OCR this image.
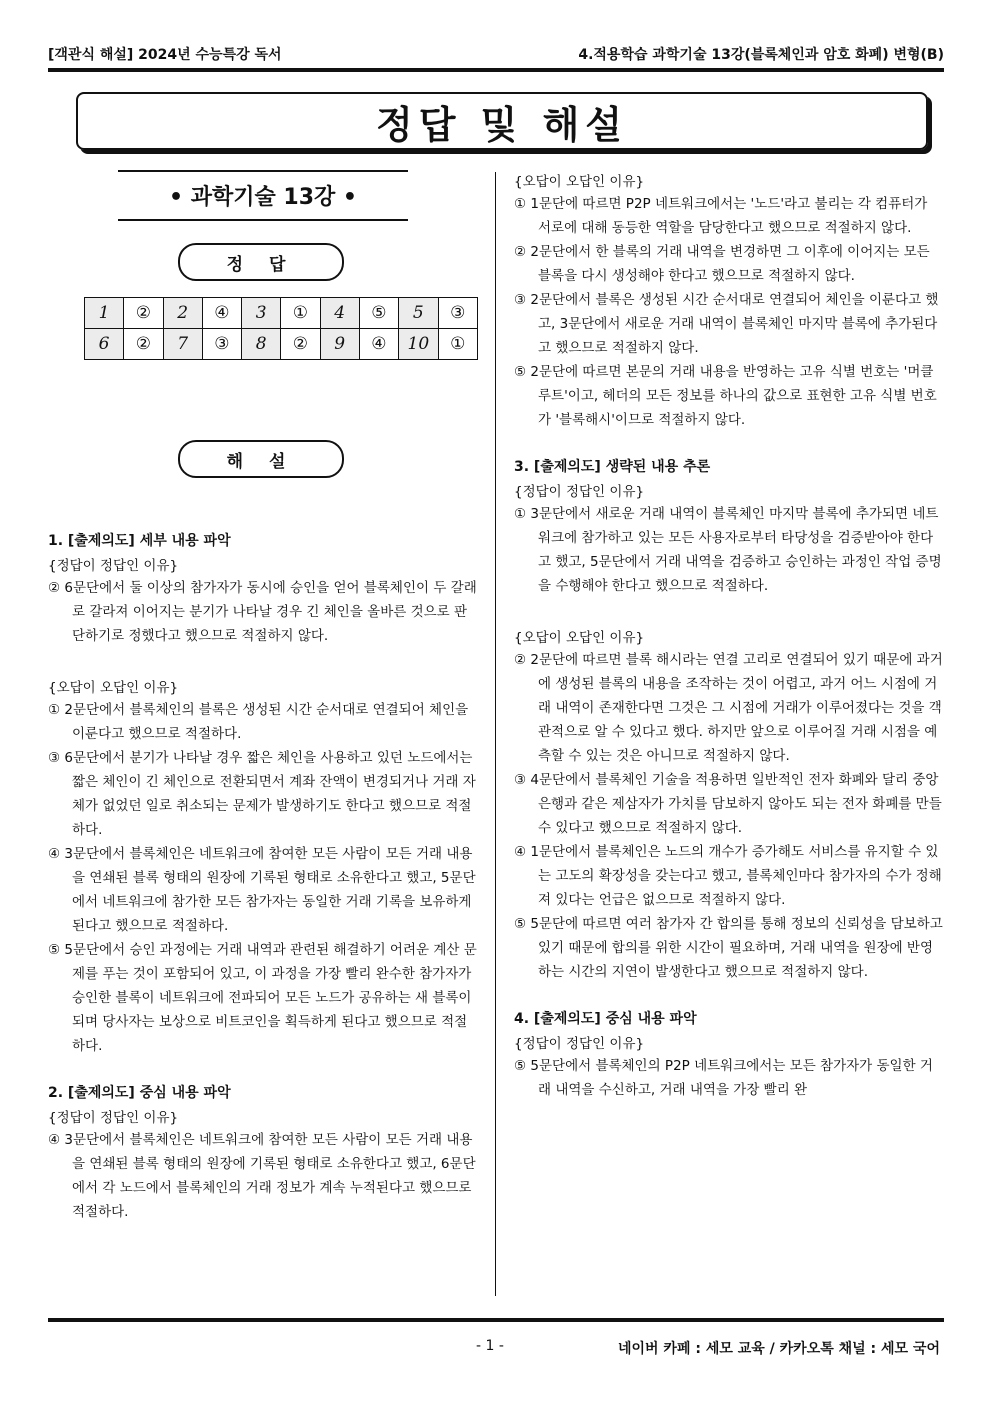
[객관식 해설] 2024년 수능특강 독서	4.적용학습 과학기술 13강(블록체인과 암호 화폐) 변형(B)
정답 및 해설
• 과학기술 13강 •
정 답
1	②	2	④	3	①	4	⑤	5	③
6	②	7	③	8	②	9	④	10	①
해 설

1. [출제의도] 세부 내용 파악

{정답이 정답인 이유}

② 6문단에서 둘 이상의 참가자가 동시에 승인을 얻어 블록체인이 두 갈래로 갈라져 이어지는 분기가 나타날 경우 긴 체인을 올바른 것으로 판단하기로 정했다고 했으므로 적절하지 않다.

{오답이 오답인 이유}

① 2문단에서 블록체인의 블록은 생성된 시간 순서대로 연결되어 체인을 이룬다고 했으므로 적절하다.

③ 6문단에서 분기가 나타날 경우 짧은 체인을 사용하고 있던 노드에서는 짧은 체인이 긴 체인으로 전환되면서 계좌 잔액이 변경되거나 거래 자체가 없었던 일로 취소되는 문제가 발생하기도 한다고 했으므로 적절하다.

④ 3문단에서 블록체인은 네트워크에 참여한 모든 사람이 모든 거래 내용을 연쇄된 블록 형태의 원장에 기록된 형태로 소유한다고 했고, 5문단에서 네트워크에 참가한 모든 참가자는 동일한 거래 기록을 보유하게 된다고 했으므로 적절하다.

⑤ 5문단에서 승인 과정에는 거래 내역과 관련된 해결하기 어려운 계산 문제를 푸는 것이 포함되어 있고, 이 과정을 가장 빨리 완수한 참가자가 승인한 블록이 네트워크에 전파되어 모든 노드가 공유하는 새 블록이 되며 당사자는 보상으로 비트코인을 획득하게 된다고 했으므로 적절하다.

2. [출제의도] 중심 내용 파악

{정답이 정답인 이유}

④ 3문단에서 블록체인은 네트워크에 참여한 모든 사람이 모든 거래 내용을 연쇄된 블록 형태의 원장에 기록된 형태로 소유한다고 했고, 6문단에서 각 노드에서 블록체인의 거래 정보가 계속 누적된다고 했으므로 적절하다.

{오답이 오답인 이유}

① 1문단에 따르면 P2P 네트워크에서는 '노드'라고 불리는 각 컴퓨터가 서로에 대해 동등한 역할을 담당한다고 했으므로 적절하지 않다.

② 2문단에서 한 블록의 거래 내역을 변경하면 그 이후에 이어지는 모든 블록을 다시 생성해야 한다고 했으므로 적절하지 않다.

③ 2문단에서 블록은 생성된 시간 순서대로 연결되어 체인을 이룬다고 했고, 3문단에서 새로운 거래 내역이 블록체인 마지막 블록에 추가된다고 했으므로 적절하지 않다.

⑤ 2문단에 따르면 본문의 거래 내용을 반영하는 고유 식별 번호는 '머클루트'이고, 헤더의 모든 정보를 하나의 값으로 표현한 고유 식별 번호가 '블록해시'이므로 적절하지 않다.

3. [출제의도] 생략된 내용 추론

{정답이 정답인 이유}

① 3문단에서 새로운 거래 내역이 블록체인 마지막 블록에 추가되면 네트워크에 참가하고 있는 모든 사용자로부터 타당성을 검증받아야 한다고 했고, 5문단에서 거래 내역을 검증하고 승인하는 과정인 작업 증명을 수행해야 한다고 했으므로 적절하다.

{오답이 오답인 이유}

② 2문단에 따르면 블록 해시라는 연결 고리로 연결되어 있기 때문에 과거에 생성된 블록의 내용을 조작하는 것이 어렵고, 과거 어느 시점에 거래 내역이 존재한다면 그것은 그 시점에 거래가 이루어졌다는 것을 객관적으로 알 수 있다고 했다. 하지만 앞으로 이루어질 거래 시점을 예측할 수 있는 것은 아니므로 적절하지 않다.

③ 4문단에서 블록체인 기술을 적용하면 일반적인 전자 화폐와 달리 중앙은행과 같은 제삼자가 가치를 담보하지 않아도 되는 전자 화폐를 만들 수 있다고 했으므로 적절하지 않다.

④ 1문단에서 블록체인은 노드의 개수가 증가해도 서비스를 유지할 수 있는 고도의 확장성을 갖는다고 했고, 블록체인마다 참가자의 수가 정해져 있다는 언급은 없으므로 적절하지 않다.

⑤ 5문단에 따르면 여러 참가자 간 합의를 통해 정보의 신뢰성을 담보하고 있기 때문에 합의를 위한 시간이 필요하며, 거래 내역을 원장에 반영하는 시간의 지연이 발생한다고 했으므로 적절하지 않다.

4. [출제의도] 중심 내용 파악

{정답이 정답인 이유}

⑤ 5문단에서 블록체인의 P2P 네트워크에서는 모든 참가자가 동일한 거래 내역을 수신하고, 거래 내역을 가장 빨리 완

- 1 -	네이버 카페 : 세모 교육 / 카카오톡 채널 : 세모 국어
